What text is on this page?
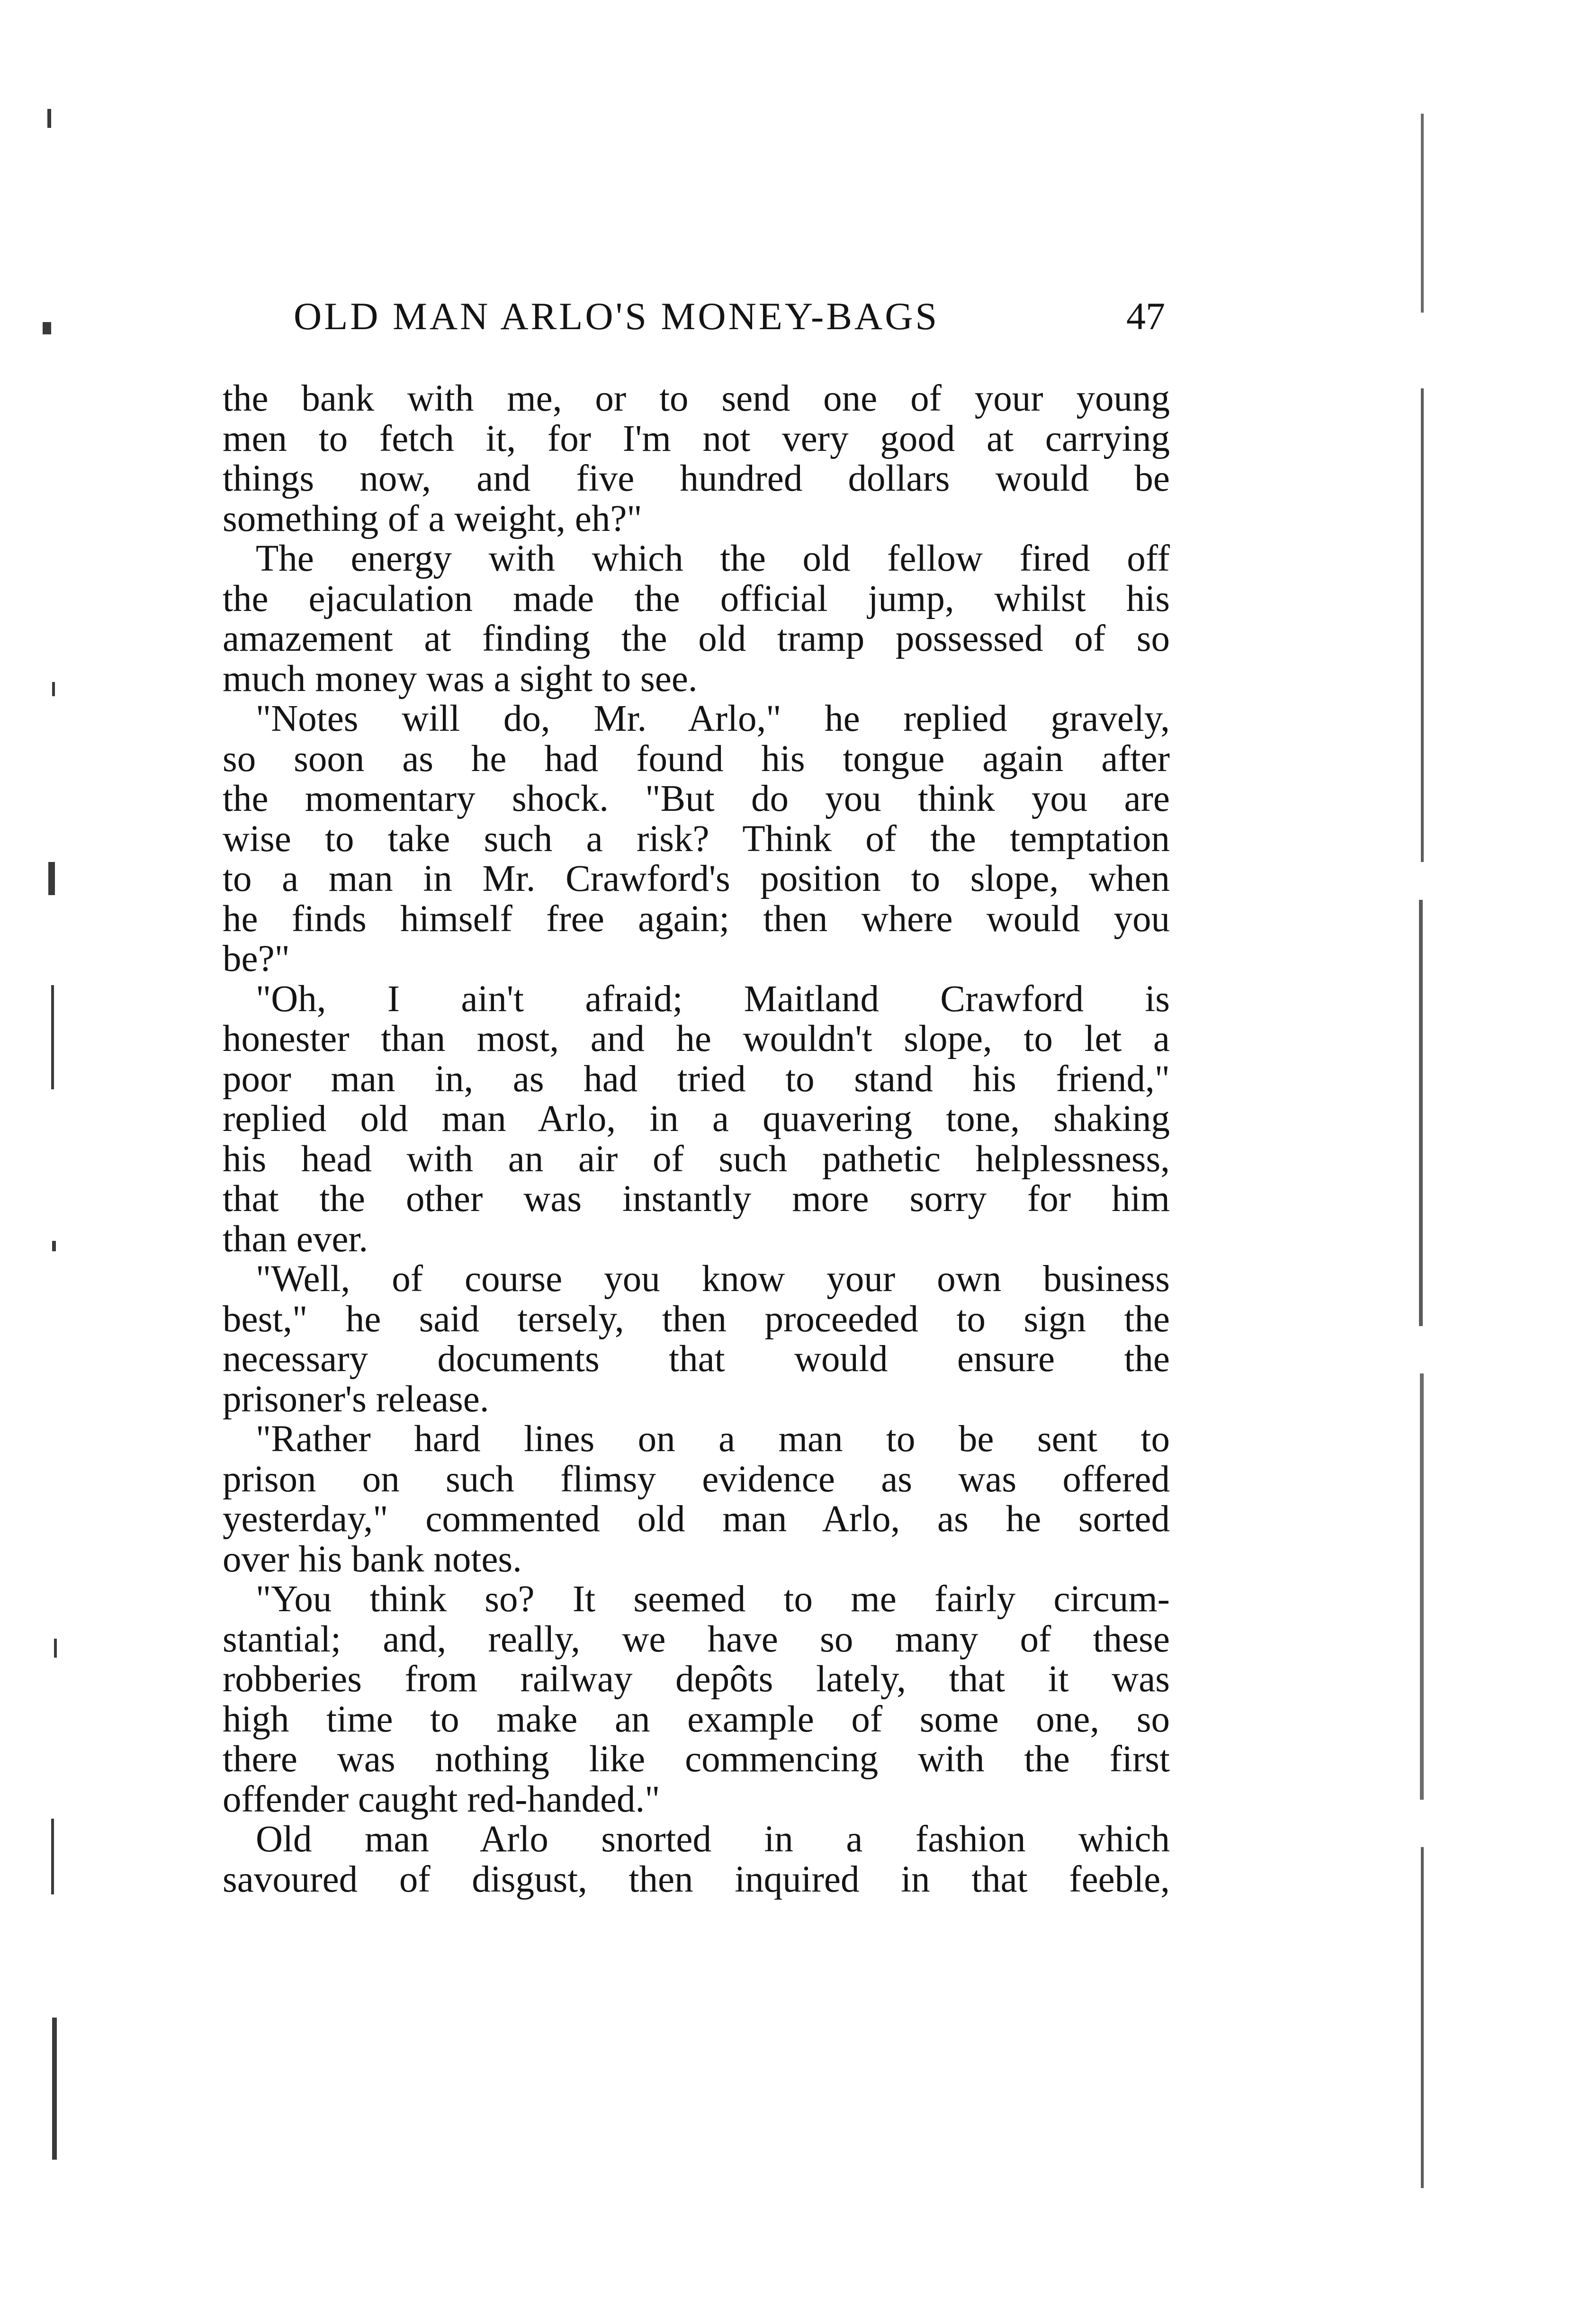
OLD MAN ARLO'S MONEY-BAGS	47
the bank with me, or to send one of your young
men to fetch it, for I'm not very good at carrying
things now, and five hundred dollars would be
something of a weight, eh?"
The energy with which the old fellow fired off
the ejaculation made the official jump, whilst his
amazement at finding the old tramp possessed of so
much money was a sight to see.
"Notes will do, Mr. Arlo," he replied gravely,
so soon as he had found his tongue again after
the momentary shock. "But do you think you are
wise to take such a risk? Think of the temptation
to a man in Mr. Crawford's position to slope, when
he finds himself free again; then where would you
be?"
"Oh, I ain't afraid; Maitland Crawford is
honester than most, and he wouldn't slope, to let a
poor man in, as had tried to stand his friend,"
replied old man Arlo, in a quavering tone, shaking
his head with an air of such pathetic helplessness,
that the other was instantly more sorry for him
than ever.
"Well, of course you know your own business
best," he said tersely, then proceeded to sign the
necessary documents that would ensure the
prisoner's release.
"Rather hard lines on a man to be sent to
prison on such flimsy evidence as was offered
yesterday," commented old man Arlo, as he sorted
over his bank notes.
"You think so? It seemed to me fairly circum-
stantial; and, really, we have so many of these
robberies from railway depôts lately, that it was
high time to make an example of some one, so
there was nothing like commencing with the first
offender caught red-handed."
Old man Arlo snorted in a fashion which
savoured of disgust, then inquired in that feeble,
